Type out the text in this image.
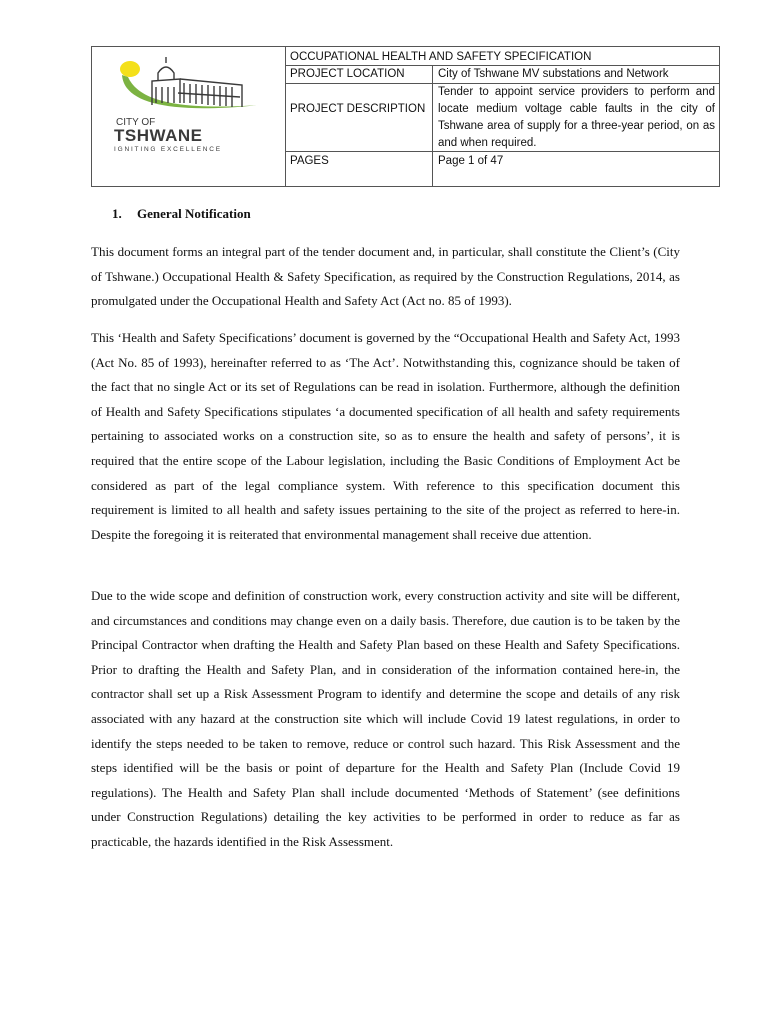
CITY OF
TSHWANE
IGNITING EXCELLENCE
OCCUPATIONAL HEALTH AND SAFETY SPECIFICATION
PROJECT LOCATION	City of Tshwane MV substations and Network
PROJECT DESCRIPTION
Tender to appoint service providers to perform and locate medium voltage cable faults in the city of Tshwane area of supply for a three-year period, on as and when required.
PAGES	Page 1 of 47
1. General Notification
This document forms an integral part of the tender document and, in particular, shall constitute the Client’s (City of Tshwane.) Occupational Health & Safety Specification, as required by the Construction Regulations, 2014, as promulgated under the Occupational Health and Safety Act (Act no. 85 of 1993).
This ‘Health and Safety Specifications’ document is governed by the “Occupational Health and Safety Act, 1993 (Act No. 85 of 1993), hereinafter referred to as ‘The Act’. Notwithstanding this, cognizance should be taken of the fact that no single Act or its set of Regulations can be read in isolation. Furthermore, although the definition of Health and Safety Specifications stipulates ‘a documented specification of all health and safety requirements pertaining to associated works on a construction site, so as to ensure the health and safety of persons’, it is required that the entire scope of the Labour legislation, including the Basic Conditions of Employment Act be considered as part of the legal compliance system. With reference to this specification document this requirement is limited to all health and safety issues pertaining to the site of the project as referred to here-in. Despite the foregoing it is reiterated that environmental management shall receive due attention.
Due to the wide scope and definition of construction work, every construction activity and site will be different, and circumstances and conditions may change even on a daily basis. Therefore, due caution is to be taken by the Principal Contractor when drafting the Health and Safety Plan based on these Health and Safety Specifications. Prior to drafting the Health and Safety Plan, and in consideration of the information contained here-in, the contractor shall set up a Risk Assessment Program to identify and determine the scope and details of any risk associated with any hazard at the construction site which will include Covid 19 latest regulations, in order to identify the steps needed to be taken to remove, reduce or control such hazard. This Risk Assessment and the steps identified will be the basis or point of departure for the Health and Safety Plan (Include Covid 19 regulations). The Health and Safety Plan shall include documented ‘Methods of Statement’ (see definitions under Construction Regulations) detailing the key activities to be performed in order to reduce as far as practicable, the hazards identified in the Risk Assessment.
